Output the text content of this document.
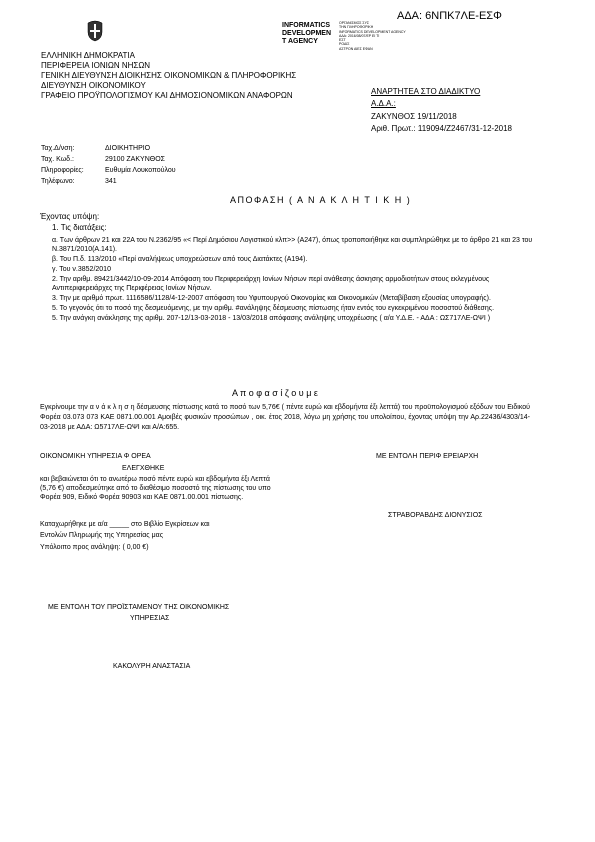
ΑΔΑ: 6ΝΠΚ7ΛΕ-ΕΣΦ
INFORMATICS
DEVELOPMEN
T AGENCY
ΟΡΓΑΝΙΣΜΟΣ ΣΥΣ
ΤΗΝ ΠΛΗΡΟΦΟΡΙΚΗ
INFORMATICS DEVELOPMENT AGENCY
ΑΔΑ: 2016/08/07/ΕΡ ΕΙ ΤΙ
ΕΣΤ
ΡΟΔΙΣ
ΑΣΤΡΟΝ ΑΙΕΣ ΕΦΑΝ
ΕΛΛΗΝΙΚΗ ΔΗΜΟΚΡΑΤΙΑ
ΠΕΡΙΦΕΡΕΙΑ ΙΟΝΙΩΝ ΝΗΣΩΝ
ΓΕΝΙΚΗ ΔΙΕΥΘΥΝΣΗ ΔΙΟΙΚΗΣΗΣ ΟΙΚΟΝΟΜΙΚΩΝ & ΠΛΗΡΟΦΟΡΙΚΗΣ
ΔΙΕΥΘΥΝΣΗ ΟΙΚΟΝΟΜΙΚΟΥ
ΓΡΑΦΕΙΟ ΠΡΟΫΠΟΛΟΓΙΣΜΟΥ ΚΑΙ ΔΗΜΟΣΙΟΝΟΜΙΚΩΝ ΑΝΑΦΟΡΩΝ	ΑΝΑΡΤΗΤΕΑ ΣΤΟ ΔΙΑΔΙΚΤΥΟ
Α.Δ.Α.:
ΖΑΚΥΝΘΟΣ 19/11/2018
Αριθ. Πρωτ.: 119094/Ζ2467/31-12-2018
Ταχ.Δ/νση:	ΔΙΟΙΚΗΤΗΡΙΟ
Ταχ. Κωδ.:	29100 ΖΑΚΥΝΘΟΣ
Πληροφορίες:	Ευθυμία Λουκοπούλου
Τηλέφωνο:	341
ΑΠΟΦΑΣΗ ( Α Ν Α Κ Λ Η Τ Ι Κ Η )
Έχοντας υπόψη:
1. Τις διατάξεις:
α. Των άρθρων 21 και 22Α του Ν.2362/95 «< Περί Δημόσιου Λογιστικού κλπ>> (Α247), όπως τροποποιήθηκε και συμπληρώθηκε με το άρθρο 21 και 23 του Ν.3871/2010(Α.141).
β. Του Π.δ. 113/2010 «Περί αναλήψεως υποχρεώσεων από τους Διατάκτες (Α194).
γ. Του ν.3852/2010
2. Την αριθμ. 89421/3442/10-09-2014 Απόφαση του Περιφερειάρχη Ιονίων Νήσων περί ανάθεσης άσκησης αρμοδιοτήτων στους εκλεγμένους Αντιπεριφερειάρχες της Περιφέρειας Ιονίων Νήσων.
3. Την με αριθμό πρωτ. 1116586/1128/4-12-2007 απόφαση του Υφυπουργού Οικονομίας και Οικονομικών (Μεταβίβαση εξουσίας υπογραφής).
5. Το γεγονός ότι το ποσό της δεσμευόμενης, με την αριθμ. #ανάληψης δέσμευσης πίστωσης ήταν εντός του εγκεκριμένου ποσοστού διάθεσης.
5. Την ανάγκη ανάκλησης της αριθμ. 207-12/13-03-2018 - 13/03/2018 απόφασης ανάληψης υποχρέωσης ( α/α Υ.Δ.Ε. - ΑΔΑ : ΩΣ717ΛΕ-ΩΨΙ )
Α π ο φ α σ ί ζ ο υ μ ε
Εγκρίνουμε την α ν ά κ λ η σ η δέσμευσης πίστωσης κατά το ποσό των 5,76€ ( πέντε ευρώ και εβδομήντα έξι λεπτά) του προϋπολογισμού εξόδων του Ειδικού Φορέα 03.073 073 ΚΑΕ 0871.00.001 Αμοιβές φυσικών προσώπων , οικ. έτος 2018, λόγω μη χρήσης του υπολοίπου, έχοντας υπόψη την Αρ.22436/4303/14-03-2018 με ΑΔΑ: Ω5717ΛΕ-ΩΨΙ και Α/Α:655.
ΟΙΚΟΝΟΜΙΚΗ ΥΠΗΡΕΣΙΑ Φ ΟΡΕΑ
ΕΛΕΓΧΘΗΚΕ
και βεβαιώνεται ότι το ανωτέρω ποσό πέντε ευρώ και εβδομήντα έξι Λεπτά (5,76 €) αποδεσμεύτηκε από το διαθέσιμο ποσοστό της πίστωσης του υπο Φορέα 909, Ειδικό Φορέα 90903 και ΚΑΕ 0871.00.001 πίστωσης.
Καταχωρήθηκε με α/α _____ στο Βιβλίο Εγκρίσεων και
Εντολών Πληρωμής της Υπηρεσίας μας
Υπόλοιπο προς ανάληψη: ( 0,00 €)
ΜΕ ΕΝΤΟΛΗ ΠΕΡΙΦ ΕΡΕΙΑΡΧΗ
ΣΤΡΑΒΟΡΑΒΔΗΣ ΔΙΟΝΥΣΙΟΣ
ΜΕ ΕΝΤΟΛΗ ΤΟΥ ΠΡΟΪΣΤΑΜΕΝΟΥ ΤΗΣ ΟΙΚΟΝΟΜΙΚΗΣ
ΥΠΗΡΕΣΙΑΣ
ΚΑΚΟΛΥΡΗ ΑΝΑΣΤΑΣΙΑ
